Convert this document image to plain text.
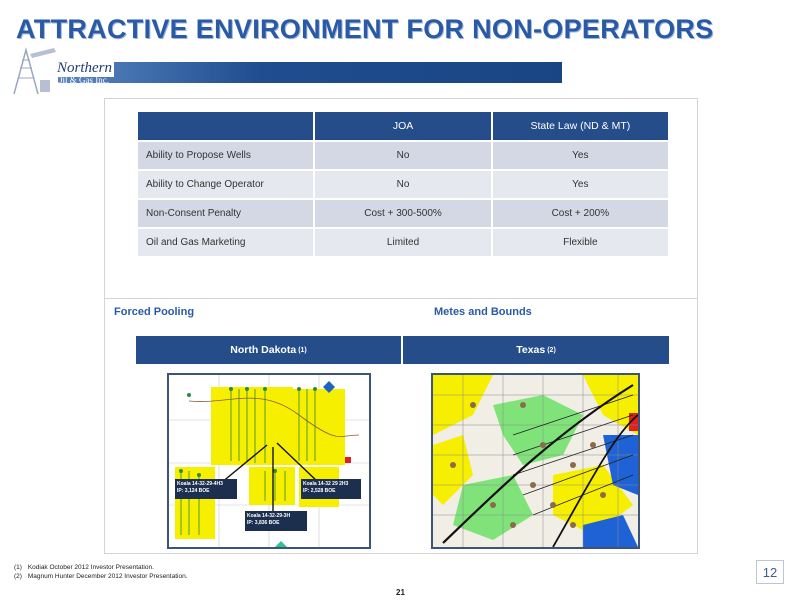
ATTRACTIVE ENVIRONMENT FOR NON-OPERATORS
Northern
Oil & Gas Inc.
	JOA	State Law (ND & MT)
Ability to Propose Wells	No	Yes
Ability to Change Operator	No	Yes
Non-Consent Penalty	Cost + 300-500%	Cost + 200%
Oil and Gas Marketing	Limited	Flexible
Forced Pooling	Metes and Bounds
North Dakota (1)	Texas (2)
Koala 14-32-29-4H3
IP: 3,124 BOE
Koala 14-32 29 2H3
IP: 2,528 BOE
Koala 14-32-29-3H
IP: 3,836 BOE
(1) Kodiak October 2012 Investor Presentation.
(2) Magnum Hunter December 2012 Investor Presentation.	12
21
